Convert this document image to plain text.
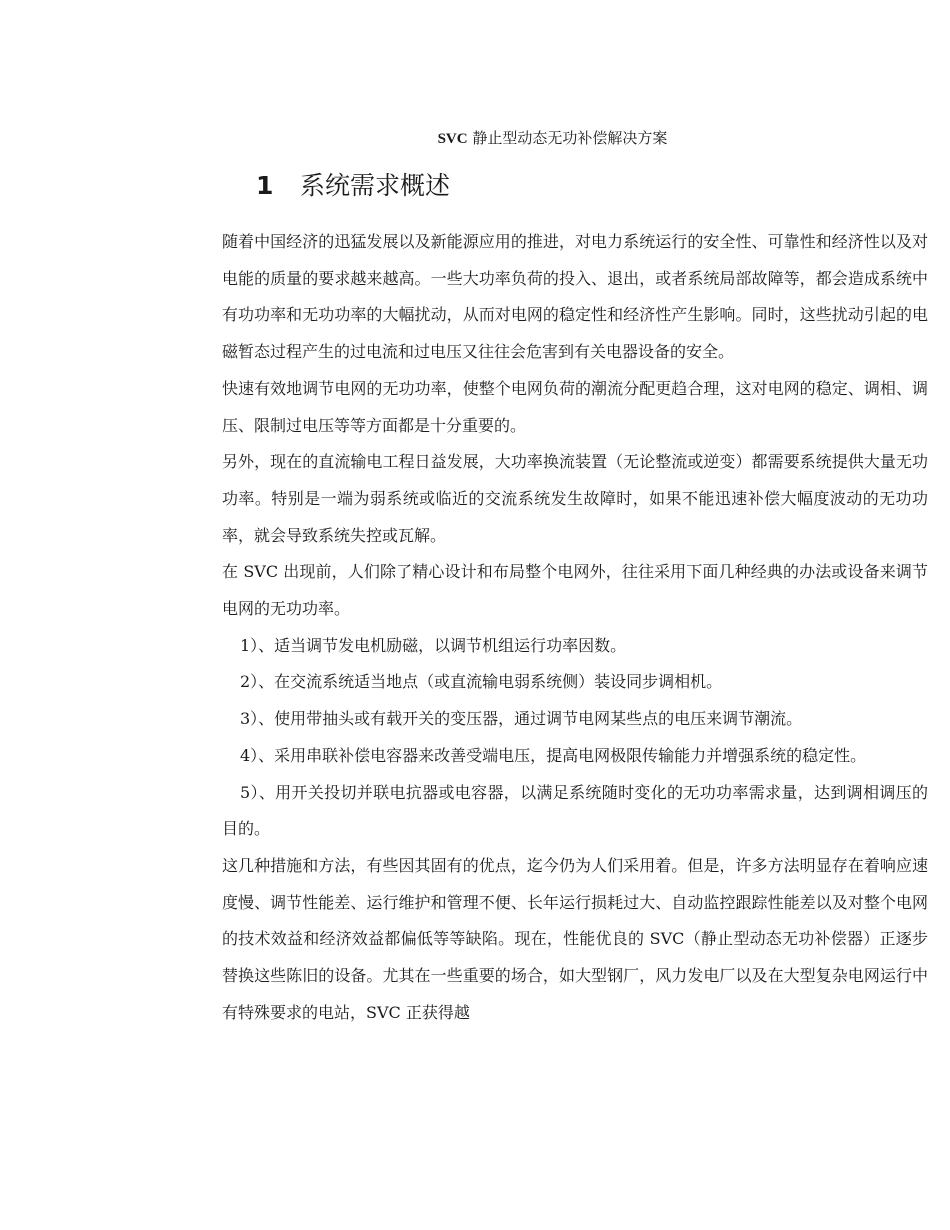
SVC 静止型动态无功补偿解决方案
1 系统需求概述

随着中国经济的迅猛发展以及新能源应用的推进，对电力系统运行的安全性、可靠性和经济性以及对电能的质量的要求越来越高。一些大功率负荷的投入、退出，或者系统局部故障等，都会造成系统中有功功率和无功功率的大幅扰动，从而对电网的稳定性和经济性产生影响。同时，这些扰动引起的电磁暂态过程产生的过电流和过电压又往往会危害到有关电器设备的安全。

快速有效地调节电网的无功功率，使整个电网负荷的潮流分配更趋合理，这对电网的稳定、调相、调压、限制过电压等等方面都是十分重要的。

另外，现在的直流输电工程日益发展，大功率换流装置（无论整流或逆变）都需要系统提供大量无功功率。特别是一端为弱系统或临近的交流系统发生故障时，如果不能迅速补偿大幅度波动的无功功率，就会导致系统失控或瓦解。

在 SVC 出现前，人们除了精心设计和布局整个电网外，往往采用下面几种经典的办法或设备来调节电网的无功功率。

1）、适当调节发电机励磁，以调节机组运行功率因数。

2）、在交流系统适当地点（或直流输电弱系统侧）装设同步调相机。

3）、使用带抽头或有载开关的变压器，通过调节电网某些点的电压来调节潮流。

4）、采用串联补偿电容器来改善受端电压，提高电网极限传输能力并增强系统的稳定性。

5）、用开关投切并联电抗器或电容器，以满足系统随时变化的无功功率需求量，达到调相调压的目的。

这几种措施和方法，有些因其固有的优点，迄今仍为人们采用着。但是，许多方法明显存在着响应速度慢、调节性能差、运行维护和管理不便、长年运行损耗过大、自动监控跟踪性能差以及对整个电网的技术效益和经济效益都偏低等等缺陷。现在，性能优良的 SVC（静止型动态无功补偿器）正逐步替换这些陈旧的设备。尤其在一些重要的场合，如大型钢厂，风力发电厂以及在大型复杂电网运行中有特殊要求的电站，SVC 正获得越
